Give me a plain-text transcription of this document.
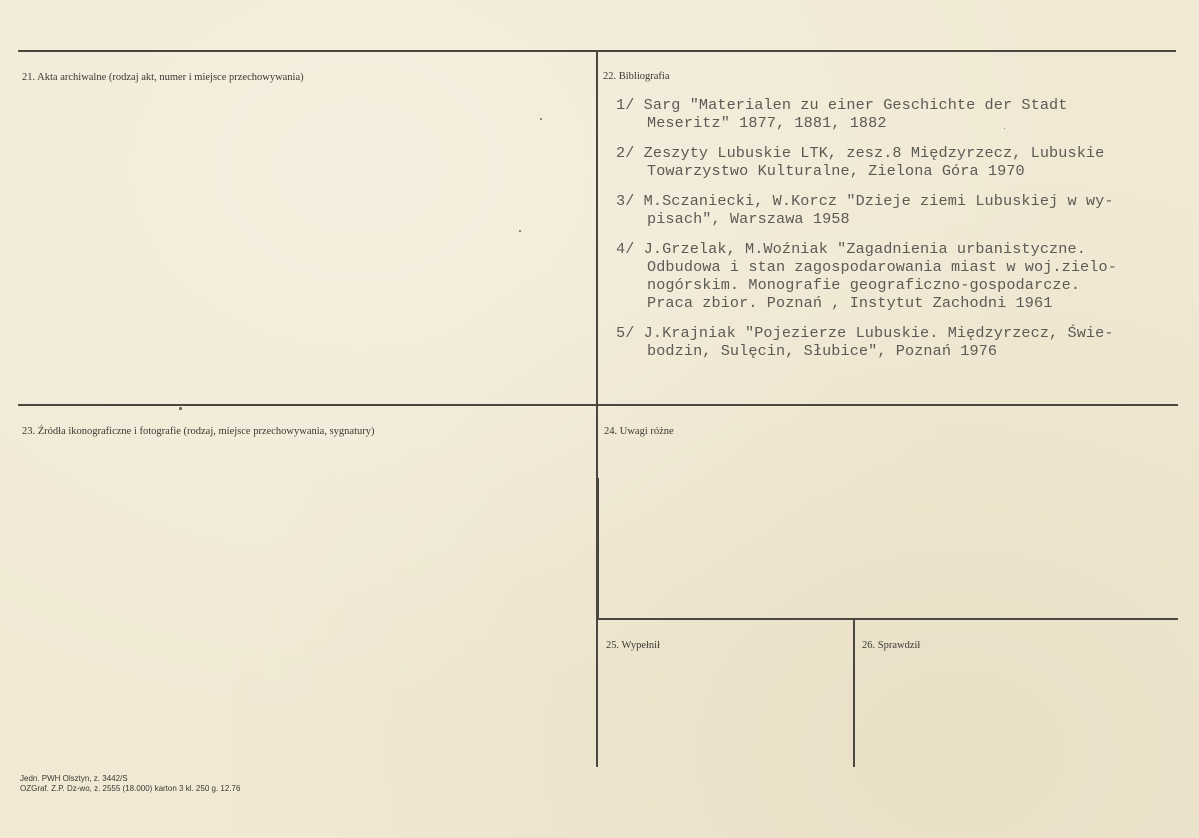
21. Akta archiwalne (rodzaj akt, numer i miejsce przechowywania)	22. Bibliografia
23. Źródła ikonograficzne i fotografie (rodzaj, miejsce przechowywania, sygnatury)	24. Uwagi różne
25. Wypełnił	26. Sprawdził
1/ Sarg "Materialen zu einer Geschichte der Stadt
Meseritz" 1877, 1881, 1882
2/ Zeszyty Lubuskie LTK, zesz.8 Międzyrzecz, Lubuskie
Towarzystwo Kulturalne, Zielona Góra 1970
3/ M.Sczaniecki, W.Korcz "Dzieje ziemi Lubuskiej w wy-
pisach", Warszawa 1958
4/ J.Grzelak, M.Woźniak "Zagadnienia urbanistyczne.
Odbudowa i stan zagospodarowania miast w woj.zielo-
nogórskim. Monografie geograficzno-gospodarcze.
Praca zbior. Poznań , Instytut Zachodni 1961
5/ J.Krajniak "Pojezierze Lubuskie. Międzyrzecz, Świe-
bodzin, Sulęcin, Słubice", Poznań 1976
Jedn. PWH Olsztyn, z. 3442/S
OZGraf. Z.P. Dz-wo, z. 2555 (18.000) karton 3 kl. 250 g. 12.76
